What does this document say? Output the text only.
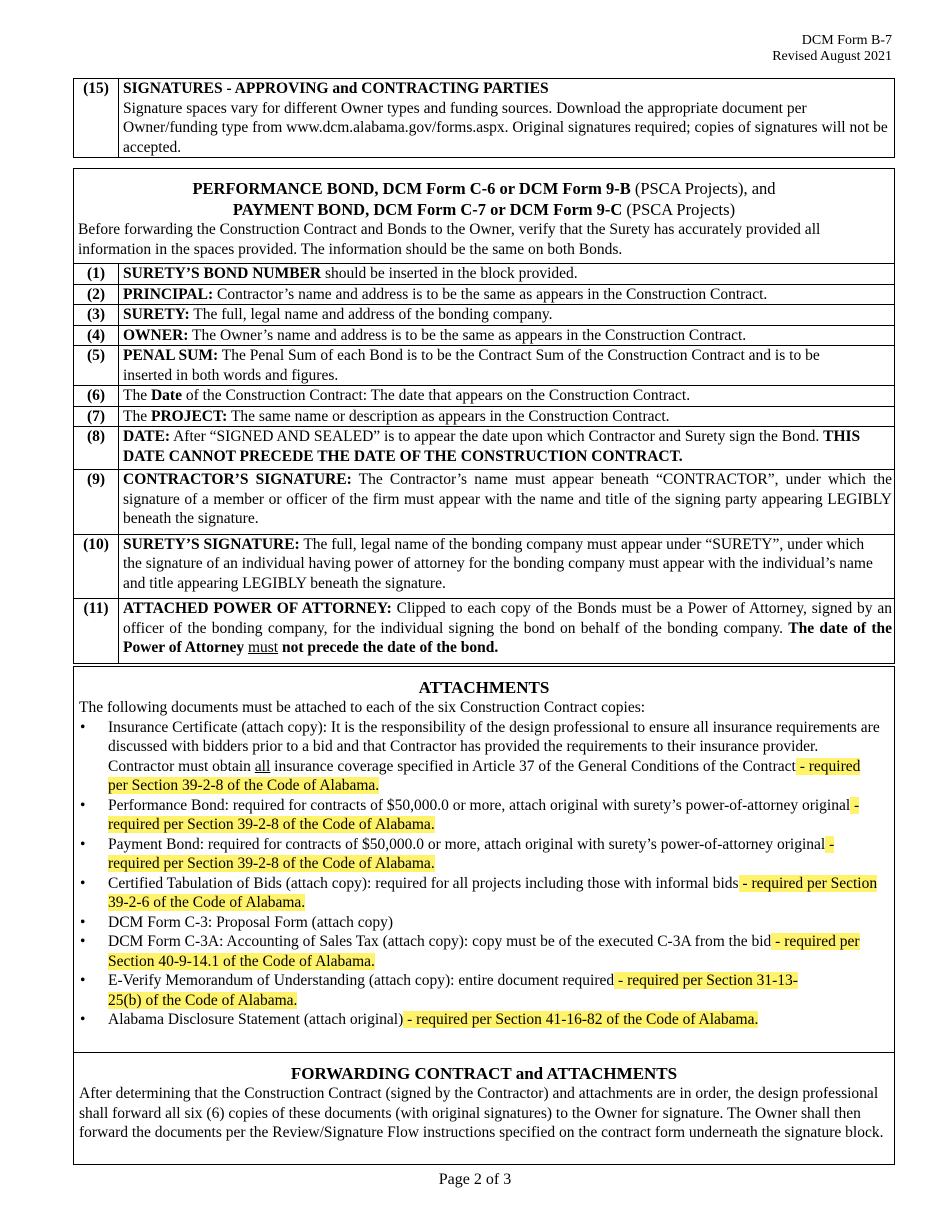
DCM Form B-7
Revised August 2021
(15)	SIGNATURES - APPROVING and CONTRACTING PARTIES
Signature spaces vary for different Owner types and funding sources. Download the appropriate document per Owner/funding type from www.dcm.alabama.gov/forms.aspx. Original signatures required; copies of signatures will not be accepted.
PERFORMANCE BOND, DCM Form C-6 or DCM Form 9-B (PSCA Projects), and
PAYMENT BOND, DCM Form C-7 or DCM Form 9-C (PSCA Projects)
Before forwarding the Construction Contract and Bonds to the Owner, verify that the Surety has accurately provided all information in the spaces provided. The information should be the same on both Bonds.
(1)	SURETY’S BOND NUMBER should be inserted in the block provided.
(2)	PRINCIPAL: Contractor’s name and address is to be the same as appears in the Construction Contract.
(3)	SURETY: The full, legal name and address of the bonding company.
(4)	OWNER: The Owner’s name and address is to be the same as appears in the Construction Contract.
(5)	PENAL SUM: The Penal Sum of each Bond is to be the Contract Sum of the Construction Contract and is to be inserted in both words and figures.
(6)	The Date of the Construction Contract: The date that appears on the Construction Contract.
(7)	The PROJECT: The same name or description as appears in the Construction Contract.
(8)	DATE: After “SIGNED AND SEALED” is to appear the date upon which Contractor and Surety sign the Bond. THIS DATE CANNOT PRECEDE THE DATE OF THE CONSTRUCTION CONTRACT.
(9)	CONTRACTOR’S SIGNATURE: The Contractor’s name must appear beneath “CONTRACTOR”, under which the signature of a member or officer of the firm must appear with the name and title of the signing party appearing LEGIBLY beneath the signature.
(10)	SURETY’S SIGNATURE: The full, legal name of the bonding company must appear under “SURETY”, under which the signature of an individual having power of attorney for the bonding company must appear with the individual’s name and title appearing LEGIBLY beneath the signature.
(11)	ATTACHED POWER OF ATTORNEY: Clipped to each copy of the Bonds must be a Power of Attorney, signed by an officer of the bonding company, for the individual signing the bond on behalf of the bonding company. The date of the Power of Attorney must not precede the date of the bond.
ATTACHMENTS
The following documents must be attached to each of the six Construction Contract copies:
• Insurance Certificate (attach copy): It is the responsibility of the design professional to ensure all insurance requirements are discussed with bidders prior to a bid and that Contractor has provided the requirements to their insurance provider. Contractor must obtain all insurance coverage specified in Article 37 of the General Conditions of the Contract - required per Section 39-2-8 of the Code of Alabama.
• Performance Bond: required for contracts of $50,000.0 or more, attach original with surety’s power-of-attorney original - required per Section 39-2-8 of the Code of Alabama.
• Payment Bond: required for contracts of $50,000.0 or more, attach original with surety’s power-of-attorney original - required per Section 39-2-8 of the Code of Alabama.
• Certified Tabulation of Bids (attach copy): required for all projects including those with informal bids - required per Section 39-2-6 of the Code of Alabama.
• DCM Form C-3: Proposal Form (attach copy)
• DCM Form C-3A: Accounting of Sales Tax (attach copy): copy must be of the executed C-3A from the bid - required per Section 40-9-14.1 of the Code of Alabama.
• E-Verify Memorandum of Understanding (attach copy): entire document required - required per Section 31-13-25(b) of the Code of Alabama.
• Alabama Disclosure Statement (attach original) - required per Section 41-16-82 of the Code of Alabama.
FORWARDING CONTRACT and ATTACHMENTS

After determining that the Construction Contract (signed by the Contractor) and attachments are in order, the design professional shall forward all six (6) copies of these documents (with original signatures) to the Owner for signature. The Owner shall then forward the documents per the Review/Signature Flow instructions specified on the contract form underneath the signature block.

Page 2 of 3
